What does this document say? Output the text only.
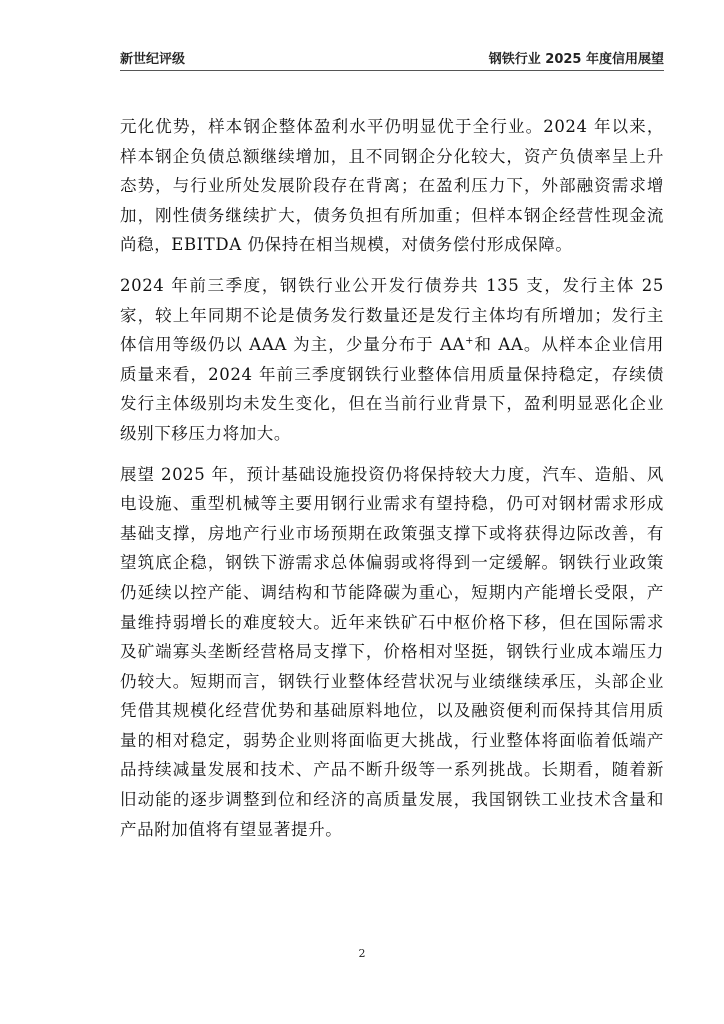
新世纪评级	钢铁行业 2025 年度信用展望

元化优势，样本钢企整体盈利水平仍明显优于全行业。2024 年以来，样本钢企负债总额继续增加，且不同钢企分化较大，资产负债率呈上升态势，与行业所处发展阶段存在背离；在盈利压力下，外部融资需求增加，刚性债务继续扩大，债务负担有所加重；但样本钢企经营性现金流尚稳，EBITDA 仍保持在相当规模，对债务偿付形成保障。

2024 年前三季度，钢铁行业公开发行债券共 135 支，发行主体 25 家，较上年同期不论是债务发行数量还是发行主体均有所增加；发行主体信用等级仍以 AAA 为主，少量分布于 AA+和 AA。从样本企业信用质量来看，2024 年前三季度钢铁行业整体信用质量保持稳定，存续债发行主体级别均未发生变化，但在当前行业背景下，盈利明显恶化企业级别下移压力将加大。

展望 2025 年，预计基础设施投资仍将保持较大力度，汽车、造船、风电设施、重型机械等主要用钢行业需求有望持稳，仍可对钢材需求形成基础支撑，房地产行业市场预期在政策强支撑下或将获得边际改善，有望筑底企稳，钢铁下游需求总体偏弱或将得到一定缓解。钢铁行业政策仍延续以控产能、调结构和节能降碳为重心，短期内产能增长受限，产量维持弱增长的难度较大。近年来铁矿石中枢价格下移，但在国际需求及矿端寡头垄断经营格局支撑下，价格相对坚挺，钢铁行业成本端压力仍较大。短期而言，钢铁行业整体经营状况与业绩继续承压，头部企业凭借其规模化经营优势和基础原料地位，以及融资便利而保持其信用质量的相对稳定，弱势企业则将面临更大挑战，行业整体将面临着低端产品持续减量发展和技术、产品不断升级等一系列挑战。长期看，随着新旧动能的逐步调整到位和经济的高质量发展，我国钢铁工业技术含量和产品附加值将有望显著提升。

2
